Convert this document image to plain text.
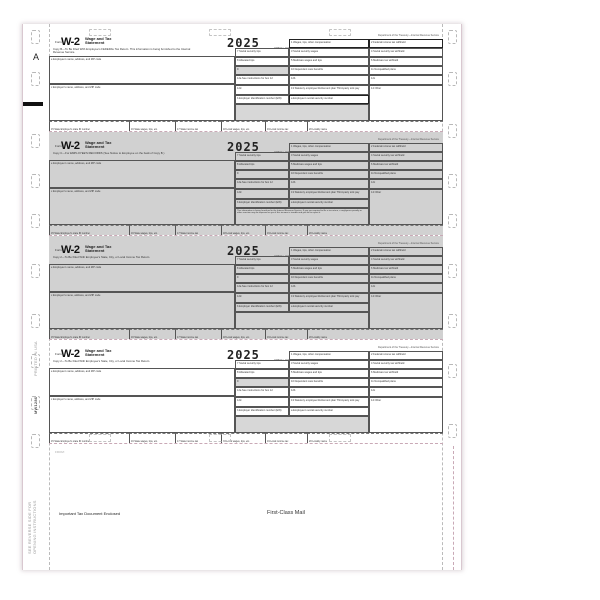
A
PRINTED IN USA
MW1286
SEE REVERSE SIDE FOR OPENING INSTRUCTIONS
Form W-2 Wage and Tax Statement	2025
Copy B—To Be Filed With Employee's FEDERAL Tax Return. This information is being furnished to the Internal Revenue Service.
OMB No. 1545-0029
Department of the Treasury—Internal Revenue Service
e Employee's name, address, and ZIP code
c Employer's name, address, and ZIP code
1 Wages, tips, other compensation	2 Federal income tax withheld
7 Social security tips	3 Social security wages	4 Social security tax withheld
8 Allocated tips	5 Medicare wages and tips	6 Medicare tax withheld
9	10 Dependent care benefits	11 Nonqualified plans
12a See instructions for box 12	12b	12c
12d	13 Statutory employee Retirement plan Third-party sick pay	14 Other
b Employer identification number (EIN)	a Employee's social security number
15 State Employer's state ID number	16 State wages, tips, etc.	17 State income tax	18 Local wages, tips, etc.	19 Local income tax	20 Locality name
Form W-2 Wage and Tax Statement	2025
Copy C—For EMPLOYEE'S RECORDS (See Notice to Employee on the back of Copy B.)	OMB No. 1545-0029
Department of the Treasury—Internal Revenue Service
e Employee's name, address, and ZIP code
c Employer's name, address, and ZIP code
1 Wages, tips, other compensation	2 Federal income tax withheld
7 Social security tips	3 Social security wages	4 Social security tax withheld
8 Allocated tips	5 Medicare wages and tips	6 Medicare tax withheld
9	10 Dependent care benefits	11 Nonqualified plans
12a See instructions for box 12	12b	12c
12d	13 Statutory employee Retirement plan Third-party sick pay	14 Other
b Employer identification number (EIN)	a Employee's social security number
This information is being furnished to the Internal Revenue Service. If you are required to file a tax return, a negligence penalty or other sanction may be imposed on you if this income is taxable and you fail to report it.
15 State Employer's state ID number	16 State wages, tips, etc.	17 State income tax	18 Local wages, tips, etc.	19 Local income tax	20 Locality name
Form W-2 Wage and Tax Statement	2025
Copy 2—To Be Filed With Employee's State, City, or Local Income Tax Return.	OMB No. 1545-0029
Department of the Treasury—Internal Revenue Service
e Employee's name, address, and ZIP code
c Employer's name, address, and ZIP code
1 Wages, tips, other compensation	2 Federal income tax withheld
7 Social security tips	3 Social security wages	4 Social security tax withheld
8 Allocated tips	5 Medicare wages and tips	6 Medicare tax withheld
9	10 Dependent care benefits	11 Nonqualified plans
12a See instructions for box 12	12b	12c
12d	13 Statutory employee Retirement plan Third-party sick pay	14 Other
b Employer identification number (EIN)	a Employee's social security number
15 State Employer's state ID number	16 State wages, tips, etc.	17 State income tax	18 Local wages, tips, etc.	19 Local income tax	20 Locality name
Form W-2 Wage and Tax Statement	2025
Copy 2—To Be Filed With Employee's State, City, or Local Income Tax Return.	OMB No. 1545-0029
Department of the Treasury—Internal Revenue Service
e Employee's name, address, and ZIP code
c Employer's name, address, and ZIP code
1 Wages, tips, other compensation	2 Federal income tax withheld
7 Social security tips	3 Social security wages	4 Social security tax withheld
8 Allocated tips	5 Medicare wages and tips	6 Medicare tax withheld
9	10 Dependent care benefits	11 Nonqualified plans
12a See instructions for box 12	12b	12c
12d	13 Statutory employee Retirement plan Third-party sick pay	14 Other
b Employer identification number (EIN)	a Employee's social security number
15 State Employer's state ID number	16 State wages, tips, etc.	17 State income tax	18 Local wages, tips, etc.	19 Local income tax	20 Locality name
FROM:
Important Tax Document Enclosed	First-Class Mail
